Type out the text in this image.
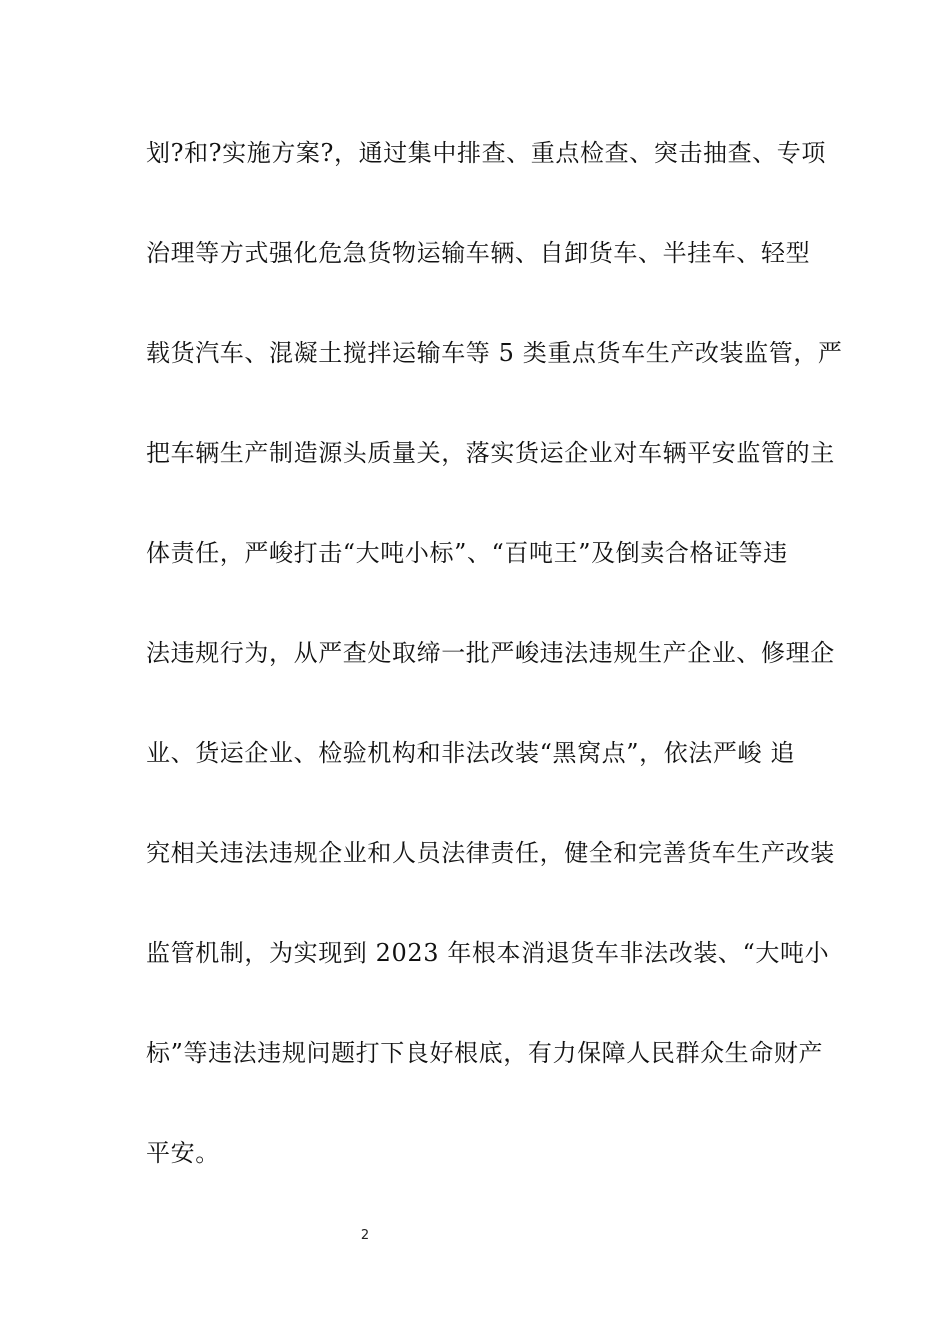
划?和?实施方案?，通过集中排查、重点检查、突击抽查、专项
治理等方式强化危急货物运输车辆、自卸货车、半挂车、轻型
载货汽车、混凝土搅拌运输车等 5 类重点货车生产改装监管，严
把车辆生产制造源头质量关，落实货运企业对车辆平安监管的主
体责任，严峻打击“大吨小标”、“百吨王”及倒卖合格证等违
法违规行为，从严查处取缔一批严峻违法违规生产企业、修理企
业、货运企业、检验机构和非法改装“黑窝点”，依法严峻 追
究相关违法违规企业和人员法律责任，健全和完善货车生产改装
监管机制，为实现到 2023 年根本消退货车非法改装、“大吨小
标”等违法违规问题打下良好根底，有力保障人民群众生命财产
平安。
2
